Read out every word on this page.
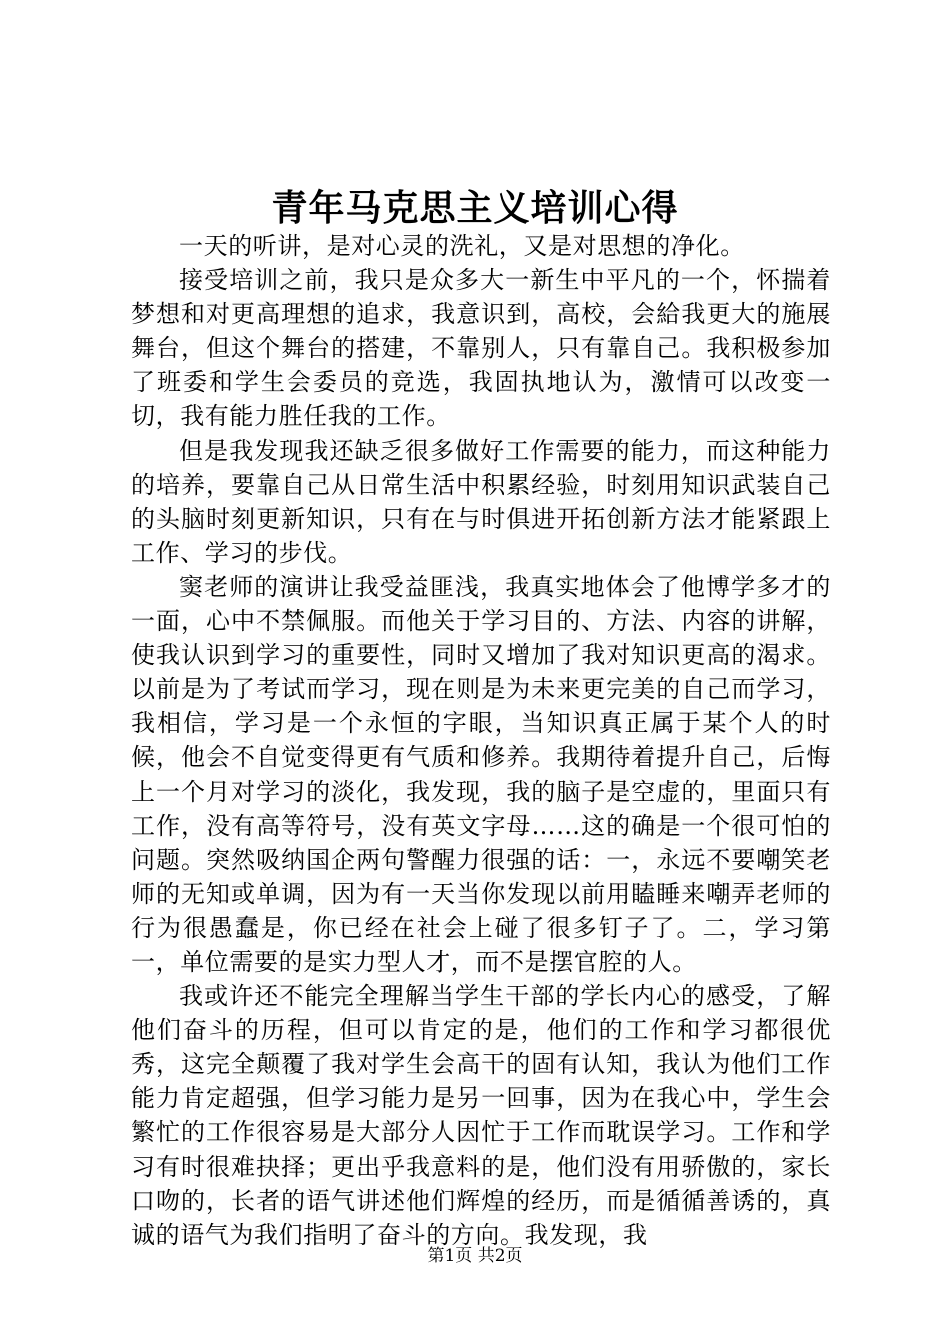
青年马克思主义培训心得

一天的听讲，是对心灵的洗礼，又是对思想的净化。

接受培训之前，我只是众多大一新生中平凡的一个，怀揣着梦想和对更高理想的追求，我意识到，高校，会給我更大的施展舞台，但这个舞台的搭建，不靠别人，只有靠自己。我积极参加了班委和学生会委员的竞选，我固执地认为，激情可以改变一切，我有能力胜任我的工作。

但是我发现我还缺乏很多做好工作需要的能力，而这种能力的培养，要靠自己从日常生活中积累经验，时刻用知识武装自己的头脑时刻更新知识，只有在与时俱进开拓创新方法才能紧跟上工作、学习的步伐。

窦老师的演讲让我受益匪浅，我真实地体会了他博学多才的一面，心中不禁佩服。而他关于学习目的、方法、内容的讲解，使我认识到学习的重要性，同时又增加了我对知识更高的渴求。以前是为了考试而学习，现在则是为未来更完美的自己而学习，我相信，学习是一个永恒的字眼，当知识真正属于某个人的时候，他会不自觉变得更有气质和修养。我期待着提升自己，后悔上一个月对学习的淡化，我发现，我的脑子是空虚的，里面只有工作，没有高等符号，没有英文字母……这的确是一个很可怕的问题。突然吸纳国企两句警醒力很强的话：一，永远不要嘲笑老师的无知或单调，因为有一天当你发现以前用瞌睡来嘲弄老师的行为很愚蠢是，你已经在社会上碰了很多钉子了。二，学习第一，单位需要的是实力型人才，而不是摆官腔的人。

我或许还不能完全理解当学生干部的学长内心的感受，了解他们奋斗的历程，但可以肯定的是，他们的工作和学习都很优秀，这完全颠覆了我对学生会高干的固有认知，我认为他们工作能力肯定超强，但学习能力是另一回事，因为在我心中，学生会繁忙的工作很容易是大部分人因忙于工作而耽误学习。工作和学习有时很难抉择；更出乎我意料的是，他们没有用骄傲的，家长口吻的，长者的语气讲述他们辉煌的经历，而是循循善诱的，真诚的语气为我们指明了奋斗的方向。我发现，我

第1页 共2页
